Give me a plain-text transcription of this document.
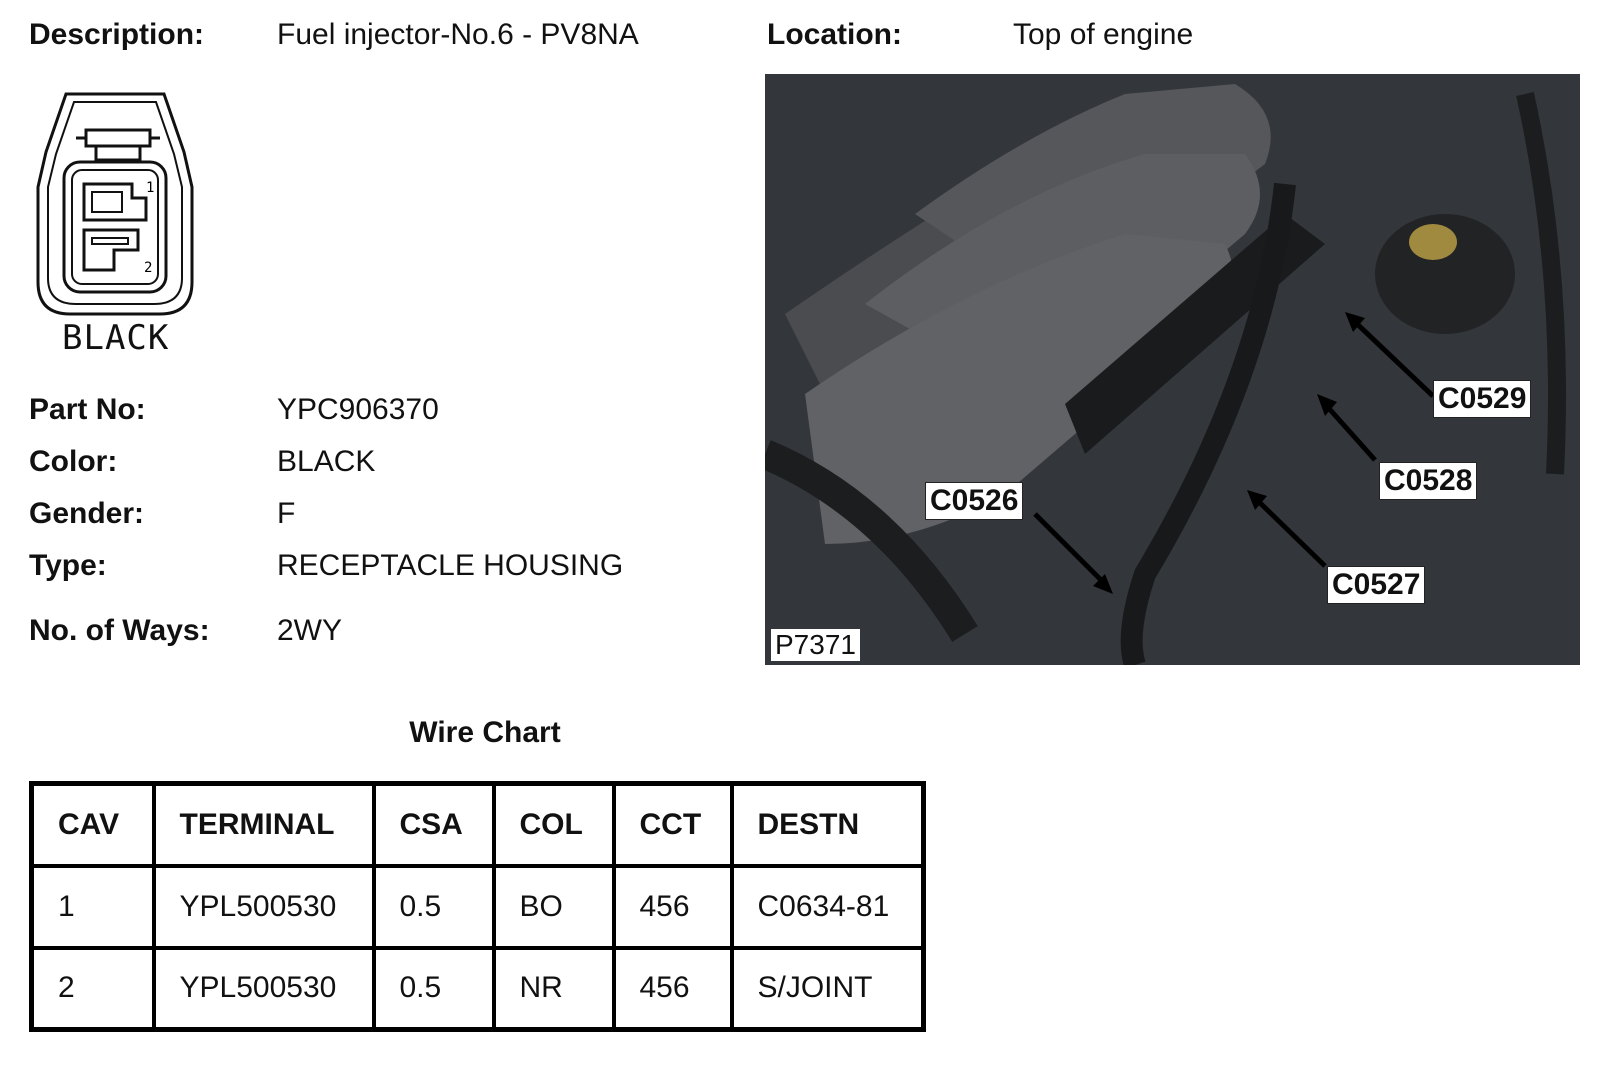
Description: Fuel injector-No.6 - PV8NA	Location:	Top of engine
1
2
BLACK
Part No:	YPC906370
Color:	BLACK
Gender:	F
Type:	RECEPTACLE HOUSING
No. of Ways: 2WY
C0529
C0528
C0526
C0527
P7371
Wire Chart
CAV	TERMINAL	CSA	COL	CCT	DESTN
1	YPL500530	0.5	BO	456	C0634-81
2	YPL500530	0.5	NR	456	S/JOINT
